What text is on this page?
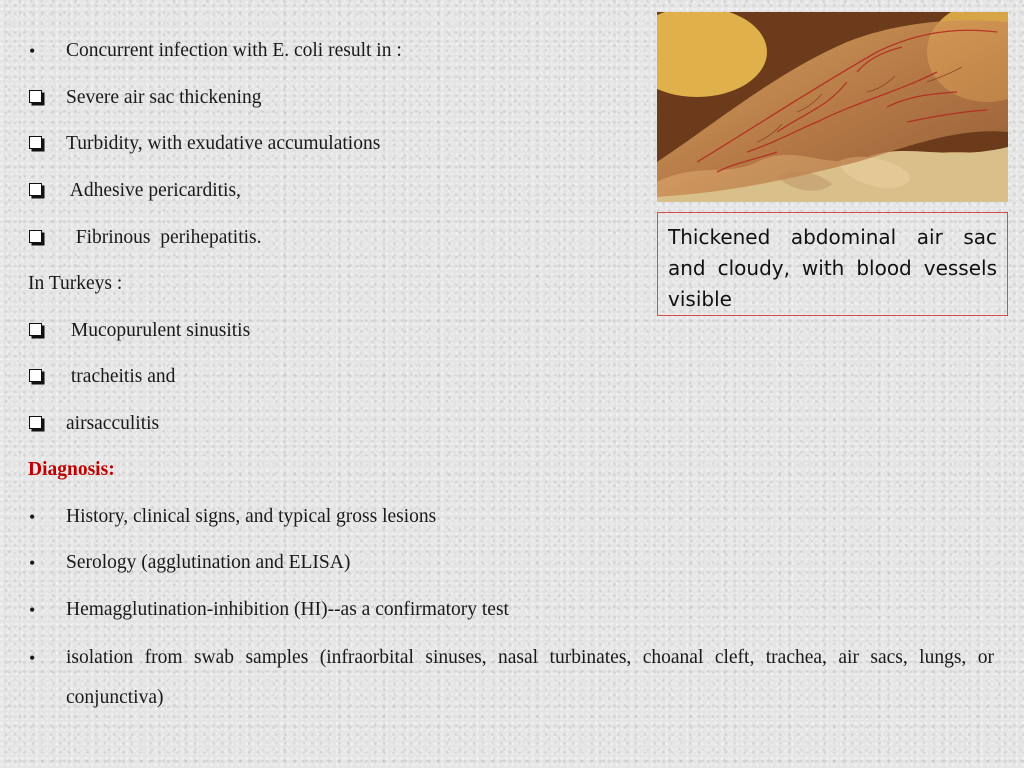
•	Concurrent infection with E. coli result in :
Severe air sac thickening
Turbidity, with exudative accumulations
Adhesive pericarditis,
Fibrinous  perihepatitis.
In Turkeys :
Mucopurulent sinusitis
tracheitis and
airsacculitis
Diagnosis:
•	History, clinical signs, and typical gross lesions
•	Serology (agglutination and ELISA)
•	Hemagglutination-inhibition (HI)--as a confirmatory test
•	isolation from swab samples (infraorbital sinuses, nasal turbinates, choanal cleft, trachea, air sacs, lungs, or conjunctiva)
Thickened abdominal air sac and cloudy, with blood vessels visible
